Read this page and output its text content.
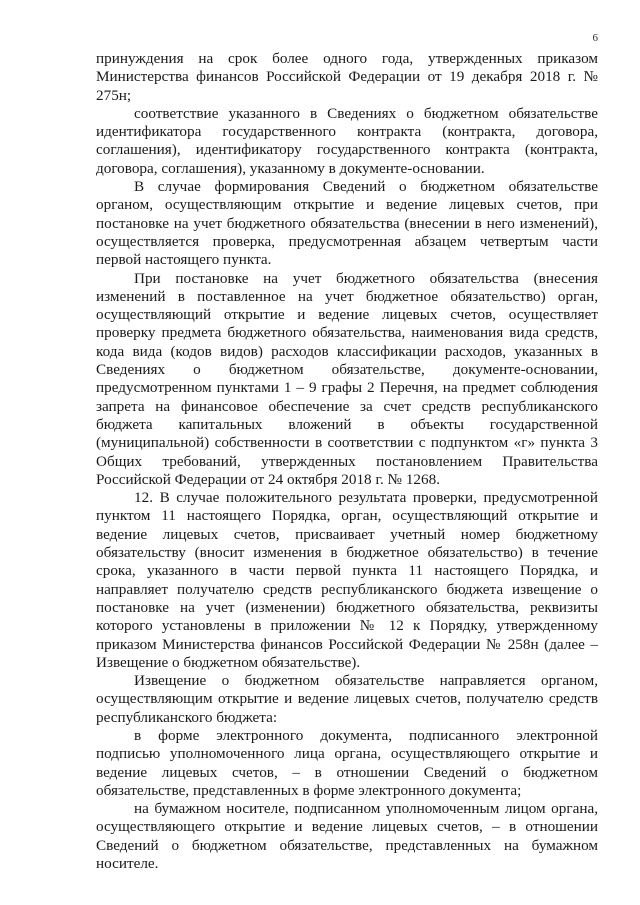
6

принуждения на срок более одного года, утвержденных приказом Министерства финансов Российской Федерации от 19 декабря 2018 г. № 275н;

соответствие указанного в Сведениях о бюджетном обязательстве идентификатора государственного контракта (контракта, договора, соглашения), идентификатору государственного контракта (контракта, договора, соглашения), указанному в документе-основании.

В случае формирования Сведений о бюджетном обязательстве органом, осуществляющим открытие и ведение лицевых счетов, при постановке на учет бюджетного обязательства (внесении в него изменений), осуществляется проверка, предусмотренная абзацем четвертым части первой настоящего пункта.

При постановке на учет бюджетного обязательства (внесения изменений в поставленное на учет бюджетное обязательство) орган, осуществляющий открытие и ведение лицевых счетов, осуществляет проверку предмета бюджетного обязательства, наименования вида средств, кода вида (кодов видов) расходов классификации расходов, указанных в Сведениях о бюджетном обязательстве, документе-основании, предусмотренном пунктами 1 – 9 графы 2 Перечня, на предмет соблюдения запрета на финансовое обеспечение за счет средств республиканского бюджета капитальных вложений в объекты государственной (муниципальной) собственности в соответствии с подпунктом «г» пункта 3 Общих требований, утвержденных постановлением Правительства Российской Федерации от 24 октября 2018 г. № 1268.

12. В случае положительного результата проверки, предусмотренной пунктом 11 настоящего Порядка, орган, осуществляющий открытие и ведение лицевых счетов, присваивает учетный номер бюджетному обязательству (вносит изменения в бюджетное обязательство) в течение срока, указанного в части первой пункта 11 настоящего Порядка, и направляет получателю средств республиканского бюджета извещение о постановке на учет (изменении) бюджетного обязательства, реквизиты которого установлены в приложении № 12 к Порядку, утвержденному приказом Министерства финансов Российской Федерации № 258н (далее – Извещение о бюджетном обязательстве).

Извещение о бюджетном обязательстве направляется органом, осуществляющим открытие и ведение лицевых счетов, получателю средств республиканского бюджета:

в форме электронного документа, подписанного электронной подписью уполномоченного лица органа, осуществляющего открытие и ведение лицевых счетов, – в отношении Сведений о бюджетном обязательстве, представленных в форме электронного документа;

на бумажном носителе, подписанном уполномоченным лицом органа, осуществляющего открытие и ведение лицевых счетов, – в отношении Сведений о бюджетном обязательстве, представленных на бумажном носителе.
